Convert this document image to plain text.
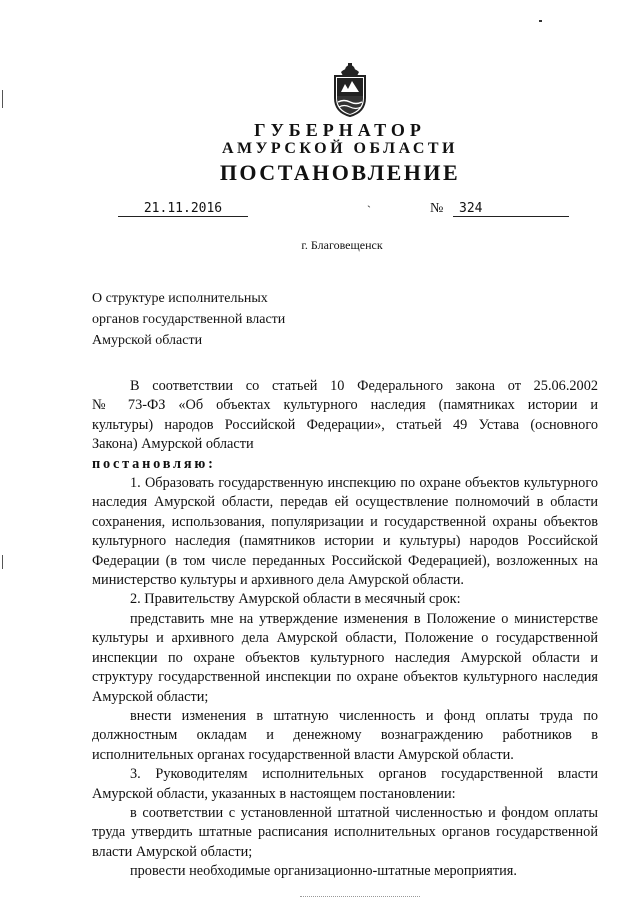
ГУБЕРНАТОР
АМУРСКОЙ ОБЛАСТИ
ПОСТАНОВЛЕНИЕ
21.11.2016	ˋ	№	324
г. Благовещенск
О структуре исполнительных
органов государственной власти
Амурской области

В соответствии со статьей 10 Федерального закона от 25.06.2002

№ 73-ФЗ «Об объектах культурного наследия (памятниках истории и

культуры) народов Российской Федерации», статьей 49 Устава (основного

Закона) Амурской области

постановляю:

1. Образовать государственную инспекцию по охране объектов культурного наследия Амурской области, передав ей осуществление полномочий в области сохранения, использования, популяризации и государственной охраны объектов культурного наследия (памятников истории и культуры) народов Российской Федерации (в том числе переданных Российской Федерацией), возложенных на министерство культуры и архивного дела Амурской области.

2. Правительству Амурской области в месячный срок:

представить мне на утверждение изменения в Положение о министерстве культуры и архивного дела Амурской области, Положение о государственной инспекции по охране объектов культурного наследия Амурской области и структуру государственной инспекции по охране объектов культурного наследия Амурской области;

внести изменения в штатную численность и фонд оплаты труда по должностным окладам и денежному вознаграждению работников в исполнительных органах государственной власти Амурской области.

3. Руководителям исполнительных органов государственной власти Амурской области, указанных в настоящем постановлении:

в соответствии с установленной штатной численностью и фондом оплаты труда утвердить штатные расписания исполнительных органов государственной власти Амурской области;

провести необходимые организационно-штатные мероприятия.
